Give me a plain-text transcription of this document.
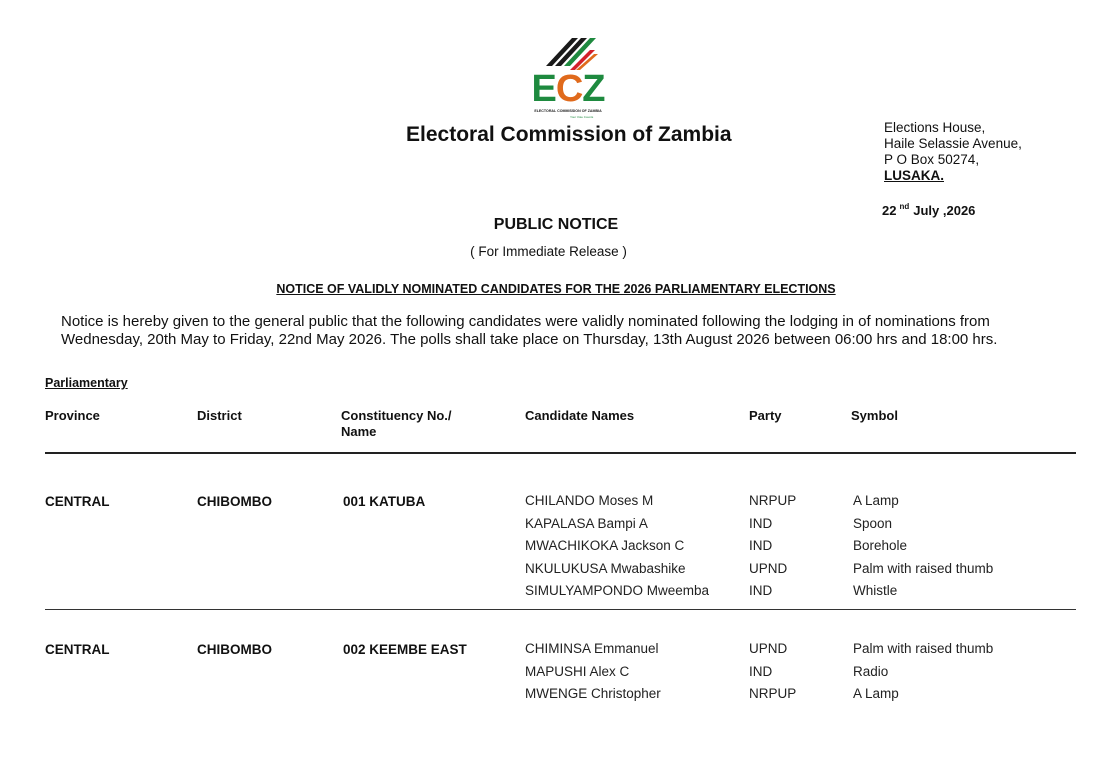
ECZ
ELECTORAL COMMISSION OF ZAMBIA
Your Vote Counts
Electoral Commission of Zambia	Elections House,
Haile Selassie Avenue,
P O Box 50274,
LUSAKA.
22 $^{nd}$ July ,2026
PUBLIC NOTICE
( For Immediate Release )
NOTICE OF VALIDLY NOMINATED CANDIDATES FOR THE 2026 PARLIAMENTARY ELECTIONS
Notice is hereby given to the general public that the following candidates were validly nominated following the lodging in of nominations from Wednesday, 20th May to Friday, 22nd May 2026. The polls shall take place on Thursday, 13th August 2026 between 06:00 hrs and 18:00 hrs.
Parliamentary
Province	District	Constituency No./
Name
Candidate Names	Party	Symbol
CENTRAL	CHIBOMBO	001 KATUBA	CHILANDO Moses M	NRPUP	A Lamp
KAPALASA Bampi A	IND	Spoon
MWACHIKOKA Jackson C	IND	Borehole
NKULUKUSA Mwabashike	UPND	Palm with raised thumb
SIMULYAMPONDO Mweemba	IND	Whistle
CENTRAL	CHIBOMBO	002 KEEMBE EAST	CHIMINSA Emmanuel	UPND	Palm with raised thumb
MAPUSHI Alex C	IND	Radio
MWENGE Christopher	NRPUP	A Lamp
